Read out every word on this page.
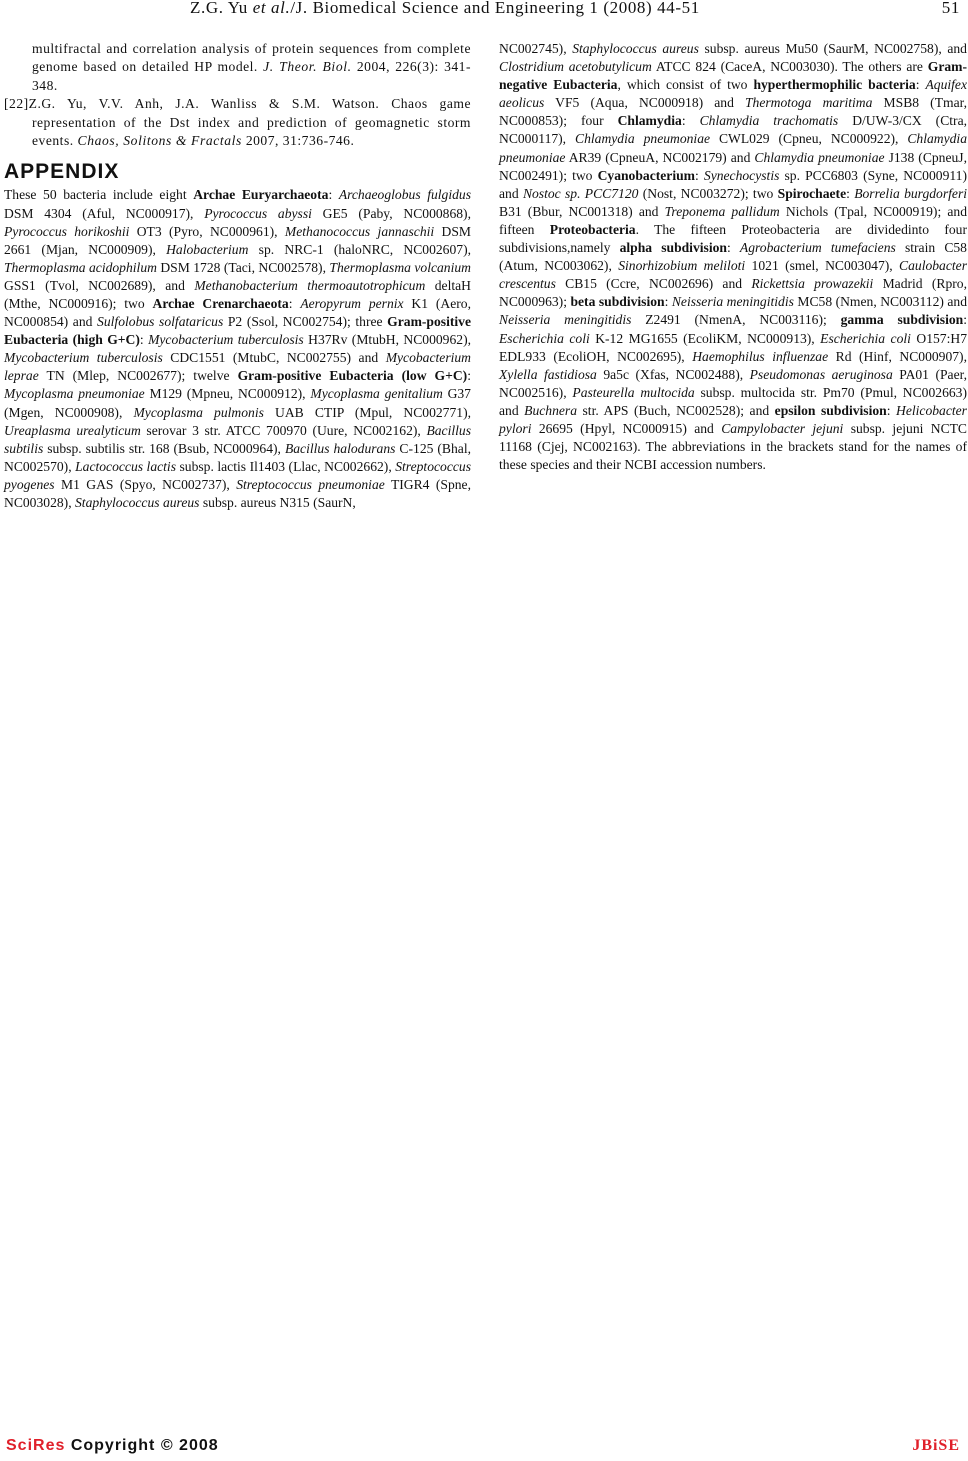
Z.G. Yu et al./J. Biomedical Science and Engineering 1 (2008) 44-51	51

multifractal and correlation analysis of protein sequences from complete genome based on detailed HP model. J. Theor. Biol. 2004, 226(3): 341-348.

[22]Z.G. Yu, V.V. Anh, J.A. Wanliss & S.M. Watson. Chaos game representation of the Dst index and prediction of geomagnetic storm events. Chaos, Solitons & Fractals 2007, 31:736-746.

APPENDIX

These 50 bacteria include eight Archae Euryarchaeota: Archaeoglobus fulgidus DSM 4304 (Aful, NC000917), Pyrococcus abyssi GE5 (Paby, NC000868), Pyrococcus horikoshii OT3 (Pyro, NC000961), Methanococcus jannaschii DSM 2661 (Mjan, NC000909), Halobacterium sp. NRC-1 (haloNRC, NC002607), Thermoplasma acidophilum DSM 1728 (Taci, NC002578), Thermoplasma volcanium GSS1 (Tvol, NC002689), and Methanobacterium thermoautotrophicum deltaH (Mthe, NC000916); two Archae Crenarchaeota: Aeropyrum pernix K1 (Aero, NC000854) and Sulfolobus solfataricus P2 (Ssol, NC002754); three Gram-positive Eubacteria (high G+C): Mycobacterium tuberculosis H37Rv (MtubH, NC000962), Mycobacterium tuberculosis CDC1551 (MtubC, NC002755) and Mycobacterium leprae TN (Mlep, NC002677); twelve Gram-positive Eubacteria (low G+C): Mycoplasma pneumoniae M129 (Mpneu, NC000912), Mycoplasma genitalium G37 (Mgen, NC000908), Mycoplasma pulmonis UAB CTIP (Mpul, NC002771), Ureaplasma urealyticum serovar 3 str. ATCC 700970 (Uure, NC002162), Bacillus subtilis subsp. subtilis str. 168 (Bsub, NC000964), Bacillus halodurans C-125 (Bhal, NC002570), Lactococcus lactis subsp. lactis Il1403 (Llac, NC002662), Streptococcus pyogenes M1 GAS (Spyo, NC002737), Streptococcus pneumoniae TIGR4 (Spne, NC003028), Staphylococcus aureus subsp. aureus N315 (SaurN,

NC002745), Staphylococcus aureus subsp. aureus Mu50 (SaurM, NC002758), and Clostridium acetobutylicum ATCC 824 (CaceA, NC003030). The others are Gram-negative Eubacteria, which consist of two hyperthermophilic bacteria: Aquifex aeolicus VF5 (Aqua, NC000918) and Thermotoga maritima MSB8 (Tmar, NC000853); four Chlamydia: Chlamydia trachomatis D/UW-3/CX (Ctra, NC000117), Chlamydia pneumoniae CWL029 (Cpneu, NC000922), Chlamydia pneumoniae AR39 (CpneuA, NC002179) and Chlamydia pneumoniae J138 (CpneuJ, NC002491); two Cyanobacterium: Synechocystis sp. PCC6803 (Syne, NC000911) and Nostoc sp. PCC7120 (Nost, NC003272); two Spirochaete: Borrelia burgdorferi B31 (Bbur, NC001318) and Treponema pallidum Nichols (Tpal, NC000919); and fifteen Proteobacteria. The fifteen Proteobacteria are dividedinto four subdivisions,namely alpha subdivision: Agrobacterium tumefaciens strain C58 (Atum, NC003062), Sinorhizobium meliloti 1021 (smel, NC003047), Caulobacter crescentus CB15 (Ccre, NC002696) and Rickettsia prowazekii Madrid (Rpro, NC000963); beta subdivision: Neisseria meningitidis MC58 (Nmen, NC003112) and Neisseria meningitidis Z2491 (NmenA, NC003116); gamma subdivision: Escherichia coli K-12 MG1655 (EcoliKM, NC000913), Escherichia coli O157:H7 EDL933 (EcoliOH, NC002695), Haemophilus influenzae Rd (Hinf, NC000907), Xylella fastidiosa 9a5c (Xfas, NC002488), Pseudomonas aeruginosa PA01 (Paer, NC002516), Pasteurella multocida subsp. multocida str. Pm70 (Pmul, NC002663) and Buchnera str. APS (Buch, NC002528); and epsilon subdivision: Helicobacter pylori 26695 (Hpyl, NC000915) and Campylobacter jejuni subsp. jejuni NCTC 11168 (Cjej, NC002163). The abbreviations in the brackets stand for the names of these species and their NCBI accession numbers.

SciRes Copyright © 2008	JBiSE
